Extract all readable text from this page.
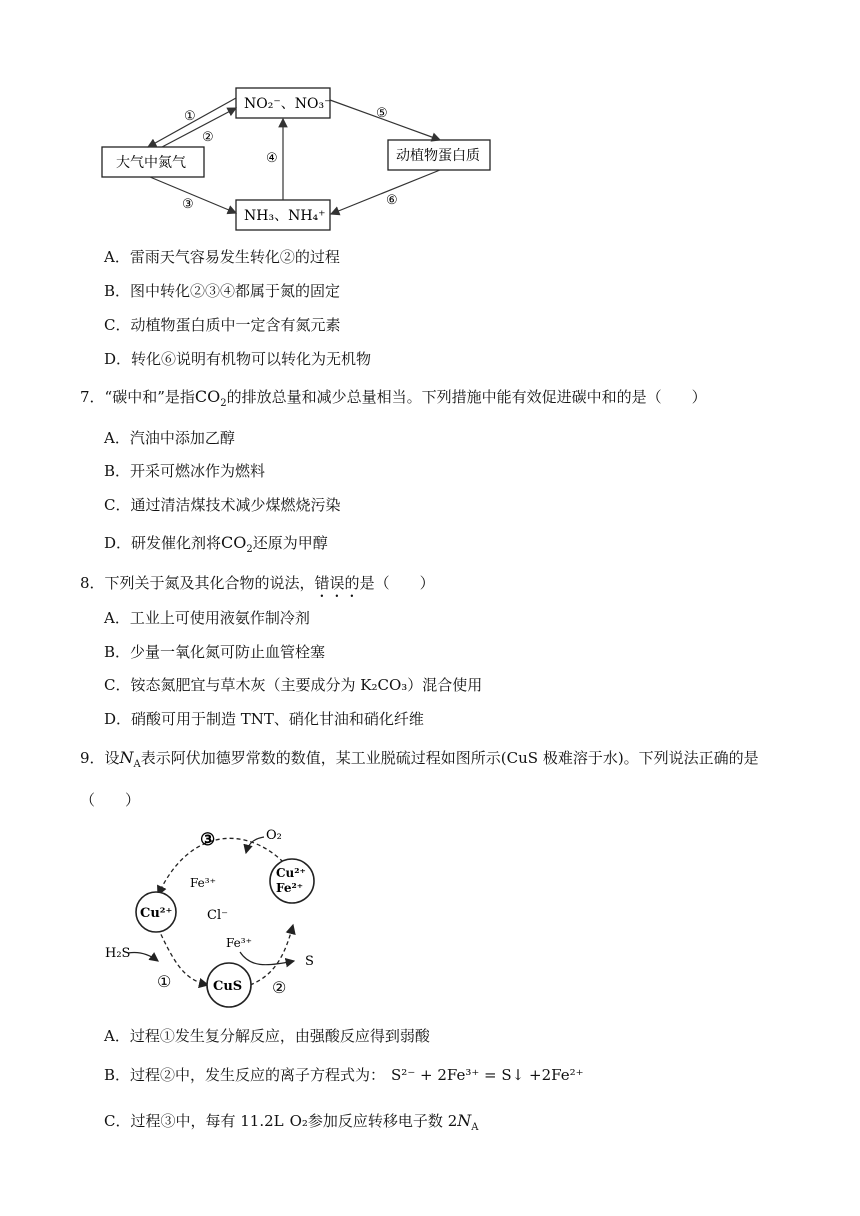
NO₂⁻、NO₃⁻
大气中氮气	动植物蛋白质
NH₃、NH₄⁺
①
②
③
④
⑤
⑥
A．雷雨天气容易发生转化②的过程
B．图中转化②③④都属于氮的固定
C．动植物蛋白质中一定含有氮元素
D．转化⑥说明有机物可以转化为无机物
7．“碳中和”是指$CO_2$的排放总量和减少总量相当。下列措施中能有效促进碳中和的是（　　）
A．汽油中添加乙醇
B．开采可燃冰作为燃料
C．通过清洁煤技术减少煤燃烧污染
D．研发催化剂将$CO_2$还原为甲醇
8．下列关于氮及其化合物的说法，错误的是（　　）
A．工业上可使用液氨作制冷剂
B．少量一氧化氮可防止血管栓塞
C．铵态氮肥宜与草木灰（主要成分为 K₂CO₃）混合使用
D．硝酸可用于制造 TNT、硝化甘油和硝化纤维
9．设$N_A$表示阿伏加德罗常数的数值，某工业脱硫过程如图所示(CuS 极难溶于水)。下列说法正确的是
（　　）
Cu²⁺
Cu²⁺
Fe²⁺
CuS
③	O₂
Fe³⁺
Cl⁻
H₂S
①
Fe³⁺
S
②
A．过程①发生复分解反应，由强酸反应得到弱酸
B．过程②中，发生反应的离子方程式为： S²⁻ + 2Fe³⁺ = S↓ +2Fe²⁺
C．过程③中，每有 11.2L O₂参加反应转移电子数 $2N_A$
